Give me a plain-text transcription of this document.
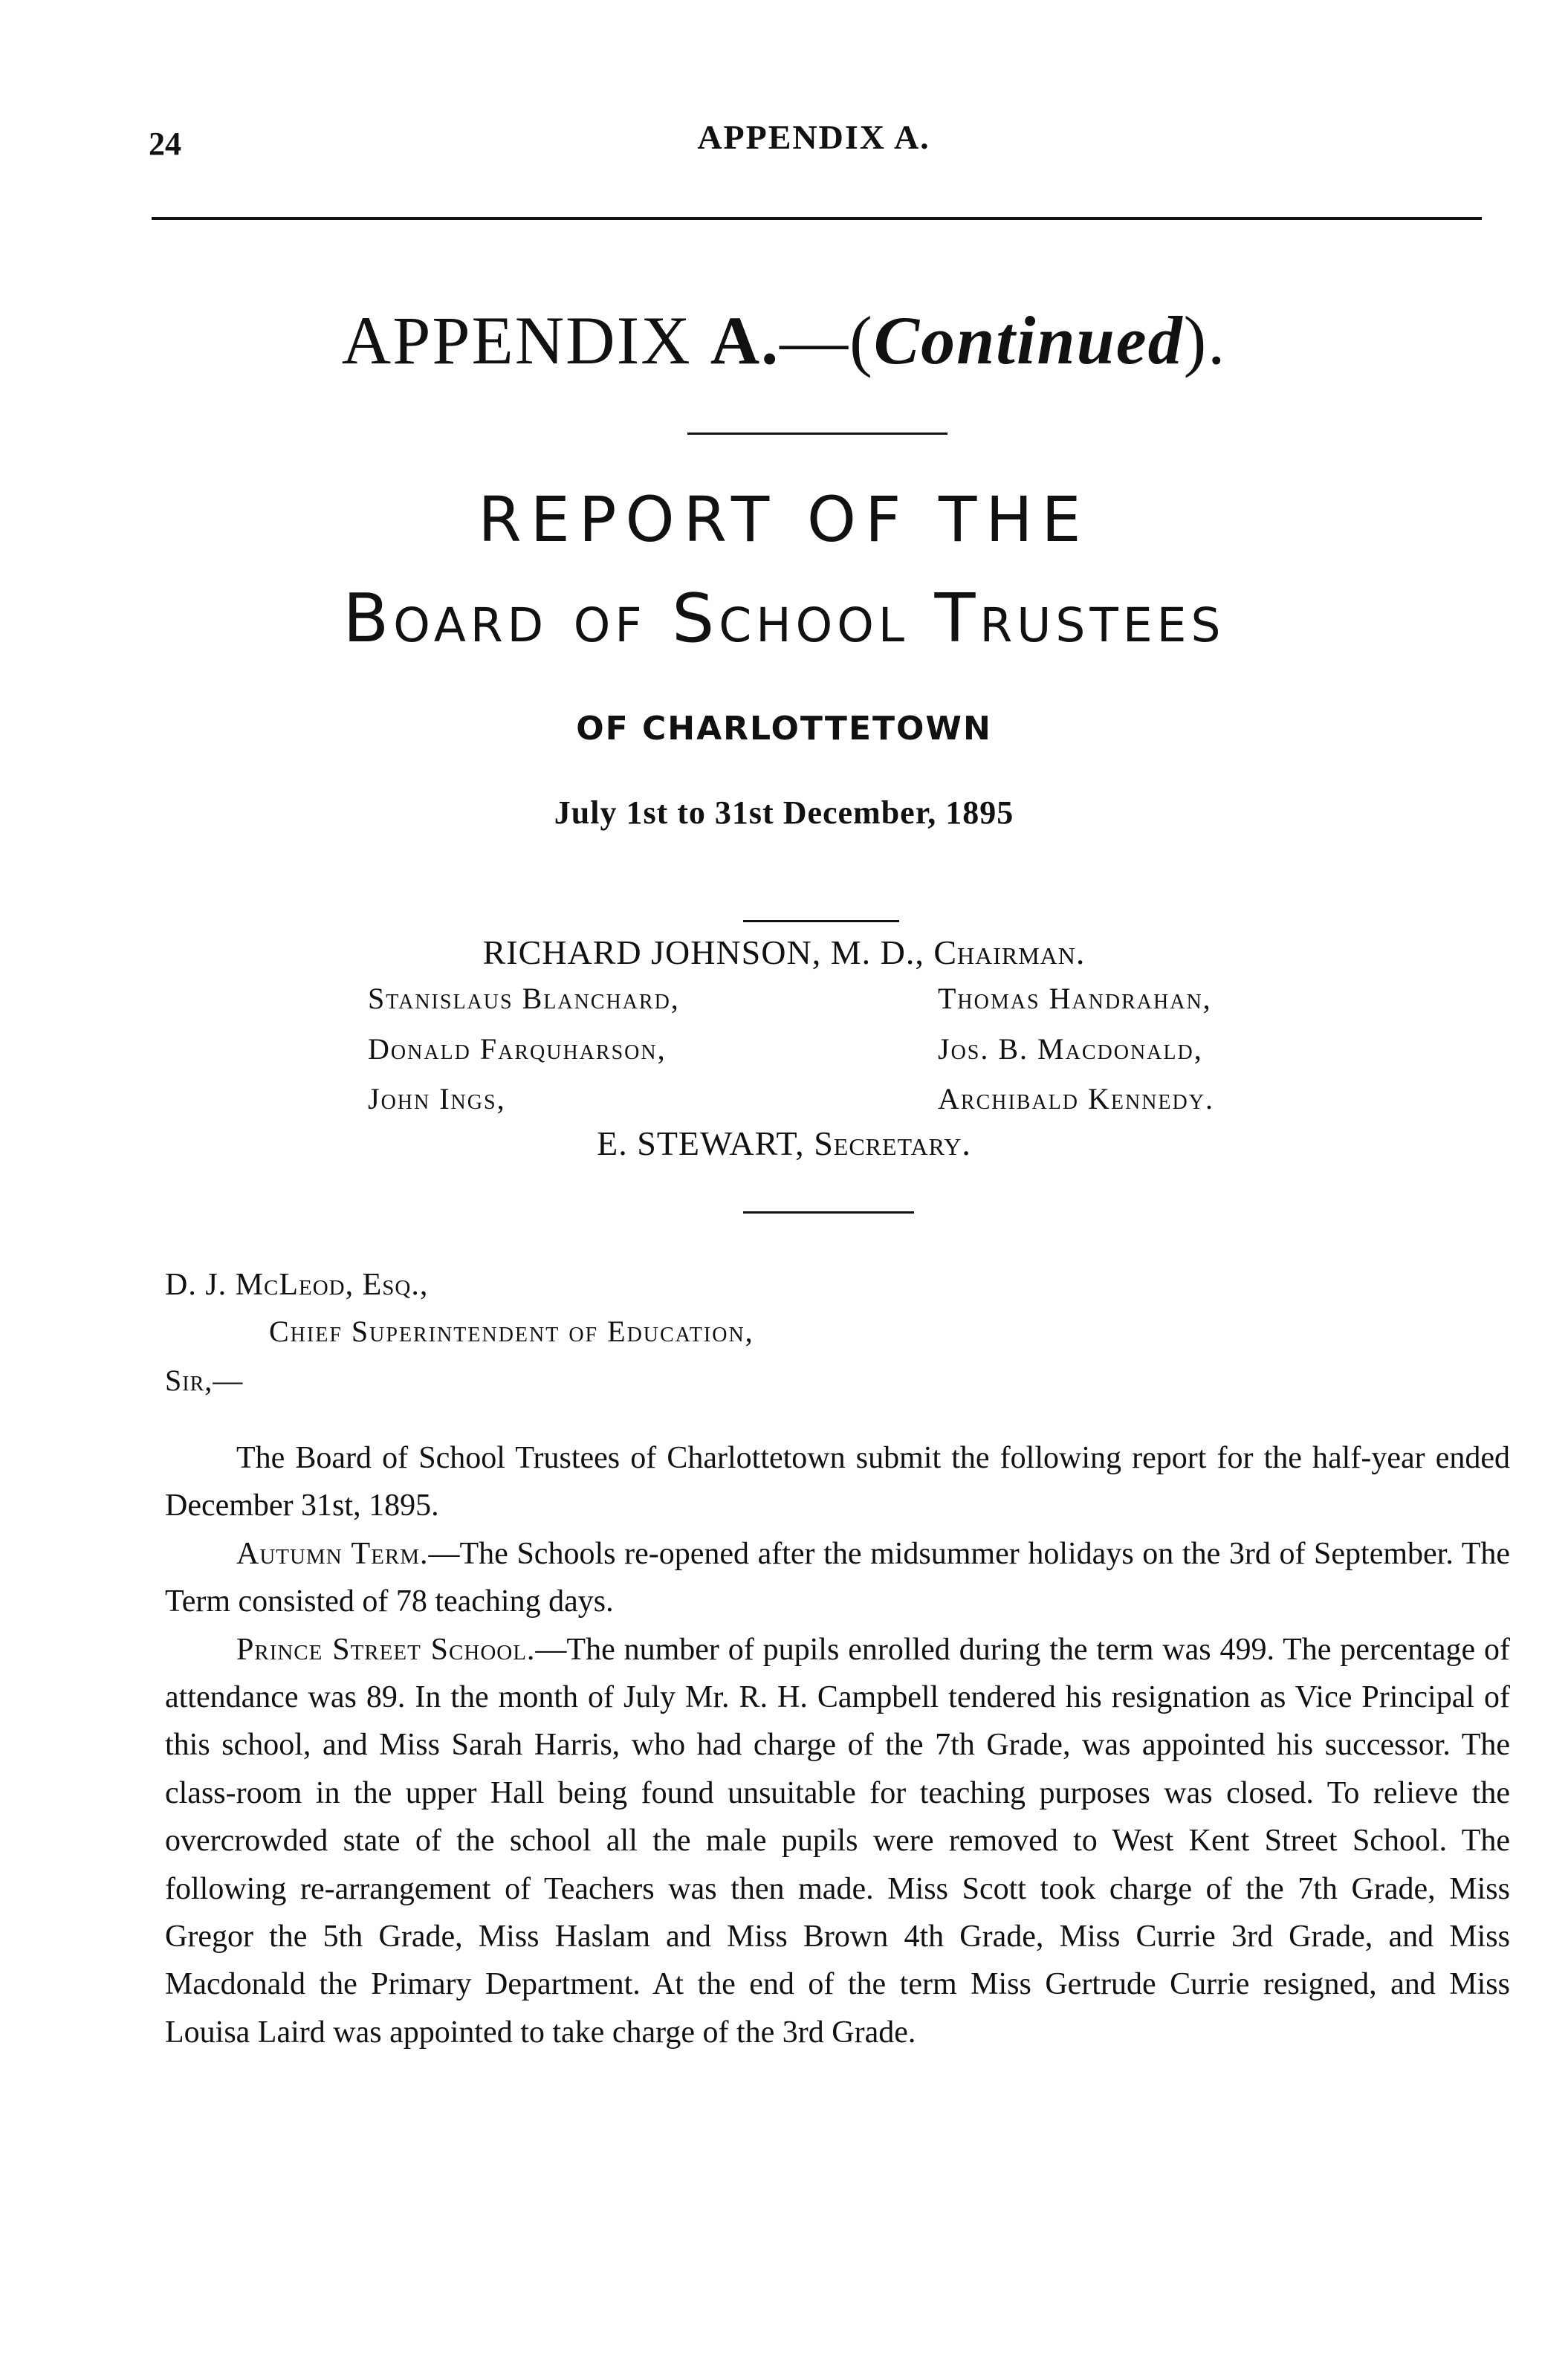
24	APPENDIX A.
APPENDIX A.—(Continued).
REPORT OF THE
Board of School Trustees
OF CHARLOTTETOWN
July 1st to 31st December, 1895
RICHARD JOHNSON, M. D., Chairman.
Stanislaus Blanchard,
Donald Farquharson,
John Ings,
Thomas Handrahan,
Jos. B. Macdonald,
Archibald Kennedy.
E. STEWART, Secretary.
D. J. McLeod, Esq.,
Chief Superintendent of Education,
Sir,—

The Board of School Trustees of Charlottetown submit the following report for the half-year ended December 31st, 1895.

Autumn Term.—The Schools re-opened after the midsummer holidays on the 3rd of September. The Term consisted of 78 teaching days.

Prince Street School.—The number of pupils enrolled during the term was 499. The percentage of attendance was 89. In the month of July Mr. R. H. Campbell tendered his resignation as Vice Principal of this school, and Miss Sarah Harris, who had charge of the 7th Grade, was appointed his successor. The class-room in the upper Hall being found unsuitable for teaching purposes was closed. To relieve the overcrowded state of the school all the male pupils were removed to West Kent Street School. The following re-arrangement of Teachers was then made. Miss Scott took charge of the 7th Grade, Miss Gregor the 5th Grade, Miss Haslam and Miss Brown 4th Grade, Miss Currie 3rd Grade, and Miss Macdonald the Primary Department. At the end of the term Miss Gertrude Currie resigned, and Miss Louisa Laird was appointed to take charge of the 3rd Grade.
